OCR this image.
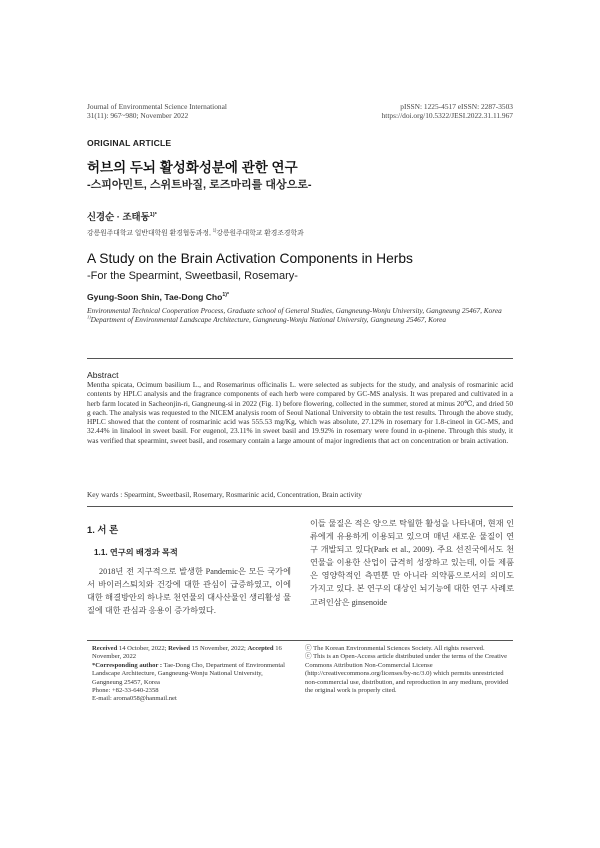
Journal of Environmental Science International
31(11): 967~980; November 2022
pISSN: 1225-4517 eISSN: 2287-3503
https://doi.org/10.5322/JESI.2022.31.11.967
ORIGINAL ARTICLE
허브의 두뇌 활성화성분에 관한 연구
-스피아민트, 스위트바질, 로즈마리를 대상으로-
신경순 · 조태동$^{1)*}$
강릉원주대학교 일반대학원 환경협동과정, $^{1)}$강릉원주대학교 환경조경학과
A Study on the Brain Activation Components in Herbs
-For the Spearmint, Sweetbasil, Rosemary-
Gyung-Soon Shin, Tae-Dong Cho$^{1)*}$
Environmental Technical Cooperation Process, Graduate school of General Studies, Gangneung-Wonju University, Gangneung 25467, Korea
$^{1)}$Department of Environmental Landscape Architecture, Gangneung-Wonju National University, Gangneung 25467, Korea
Abstract
Mentha spicata, Ocimum basilium L., and Rosemarinus officinalis L. were selected as subjects for the study, and analysis of rosmarinic acid contents by HPLC analysis and the fragrance components of each herb were compared by GC-MS analysis. It was prepared and cultivated in a herb farm located in Sacheonjin-ri, Gangneung-si in 2022 (Fig. 1) before flowering, collected in the summer, stored at minus 20℃, and dried 50 g each. The analysis was requested to the NICEM analysis room of Seoul National University to obtain the test results. Through the above study, HPLC showed that the content of rosmarinic acid was 555.53 mg/Kg, which was absolute, 27.12% in rosemary for 1.8-cineol in GC-MS, and 32.44% in linalool in sweet basil. For eugenol, 23.11% in sweet basil and 19.92% in rosemary were found in α-pinene. Through this study, it was verified that spearmint, sweet basil, and rosemary contain a large amount of major ingredients that act on concentration or brain activation.
Key wards : Spearmint, Sweetbasil, Rosemary, Rosmarinic acid, Concentration, Brain activity
1. 서 론
1.1. 연구의 배경과 목적
2018년 전 지구적으로 발생한 Pandemic은 모든 국가에서 바이러스퇴치와 건강에 대한 관심이 급증하였고, 이에 대한 해결방안의 하나로 천연물의 대사산물인 생리활성 물질에 대한 관심과 응용이 증가하였다.
이들 물질은 적은 양으로 탁월한 활성을 나타내며, 현재 인류에게 유용하게 이용되고 있으며 매년 새로운 물질이 연구 개발되고 있다(Park et al., 2009). 주요 선진국에서도 천연물을 이용한 산업이 급격히 성장하고 있는데, 이들 제품은 영양학적인 측면뿐 만 아니라 의약품으로서의 의미도 가지고 있다. 본 연구의 대상인 뇌기능에 대한 연구 사례로 고려인삼은 ginsenoide
Received 14 October, 2022; Revised 15 November, 2022; Accepted 16 November, 2022
*Corresponding author : Tae-Dong Cho, Department of Environmental Landscape Architecture, Gangneung-Wonju National University, Gangneung 25457, Korea
Phone: +82-33-640-2358
E-mail: aroma058@hanmail.net
ⓒ The Korean Environmental Sciences Society. All rights reserved.
ⓒ This is an Open-Access article distributed under the terms of the Creative Commons Attribution Non-Commercial License (http://creativecommons.org/licenses/by-nc/3.0) which permits unrestricted non-commercial use, distribution, and reproduction in any medium, provided the original work is properly cited.
